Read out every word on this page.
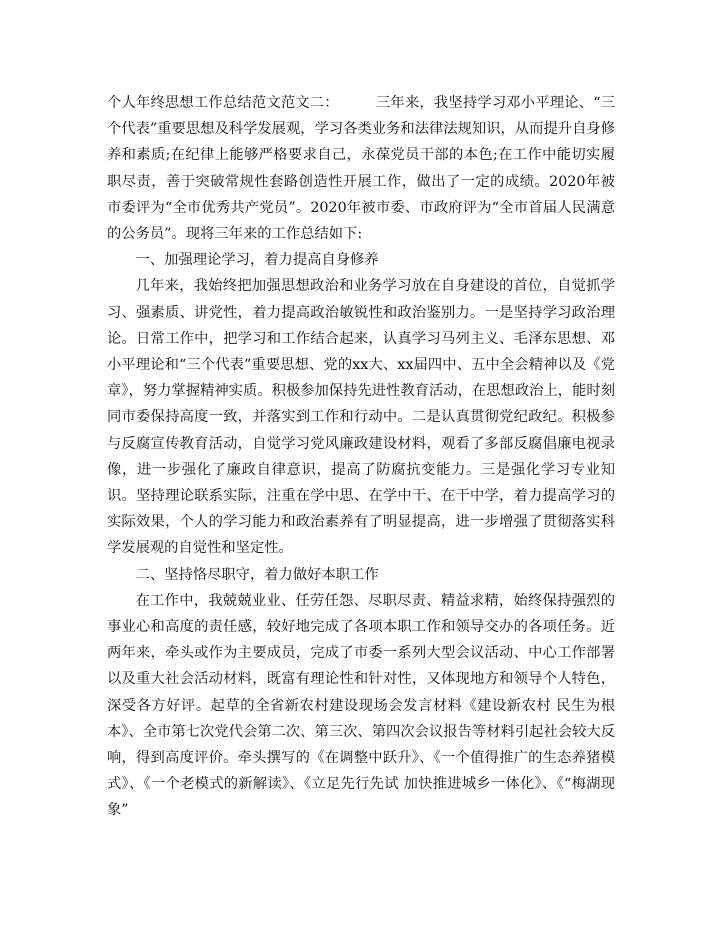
个人年终思想工作总结范文范文二：	三年来，我坚持学习邓小平理论、“三个代表”重要思想及科学发展观，学习各类业务和法律法规知识，从而提升自身修养和素质;在纪律上能够严格要求自己，永葆党员干部的本色;在工作中能切实履职尽责，善于突破常规性套路创造性开展工作，做出了一定的成绩。2020年被市委评为“全市优秀共产党员”。2020年被市委、市政府评为“全市首届人民满意的公务员”。现将三年来的工作总结如下:

一、加强理论学习，着力提高自身修养

几年来，我始终把加强思想政治和业务学习放在自身建设的首位，自觉抓学习、强素质、讲党性，着力提高政治敏锐性和政治鉴别力。一是坚持学习政治理论。日常工作中，把学习和工作结合起来，认真学习马列主义、毛泽东思想、邓小平理论和“三个代表”重要思想、党的xx大、xx届四中、五中全会精神以及《党章》，努力掌握精神实质。积极参加保持先进性教育活动，在思想政治上，能时刻同市委保持高度一致，并落实到工作和行动中。二是认真贯彻党纪政纪。积极参与反腐宣传教育活动，自觉学习党风廉政建设材料，观看了多部反腐倡廉电视录像，进一步强化了廉政自律意识，提高了防腐抗变能力。三是强化学习专业知识。坚持理论联系实际，注重在学中思、在学中干、在干中学，着力提高学习的实际效果，个人的学习能力和政治素养有了明显提高，进一步增强了贯彻落实科学发展观的自觉性和坚定性。

二、坚持恪尽职守，着力做好本职工作

在工作中，我兢兢业业、任劳任怨、尽职尽责、精益求精，始终保持强烈的事业心和高度的责任感，较好地完成了各项本职工作和领导交办的各项任务。近两年来，牵头或作为主要成员，完成了市委一系列大型会议活动、中心工作部署以及重大社会活动材料，既富有理论性和针对性，又体现地方和领导个人特色，深受各方好评。起草的全省新农村建设现场会发言材料《建设新农村 民生为根本》、全市第七次党代会第二次、第三次、第四次会议报告等材料引起社会较大反响，得到高度评价。牵头撰写的《在调整中跃升》、《一个值得推广的生态养猪模式》、《一个老模式的新解读》、《立足先行先试 加快推进城乡一体化》、《“梅湖现象”
